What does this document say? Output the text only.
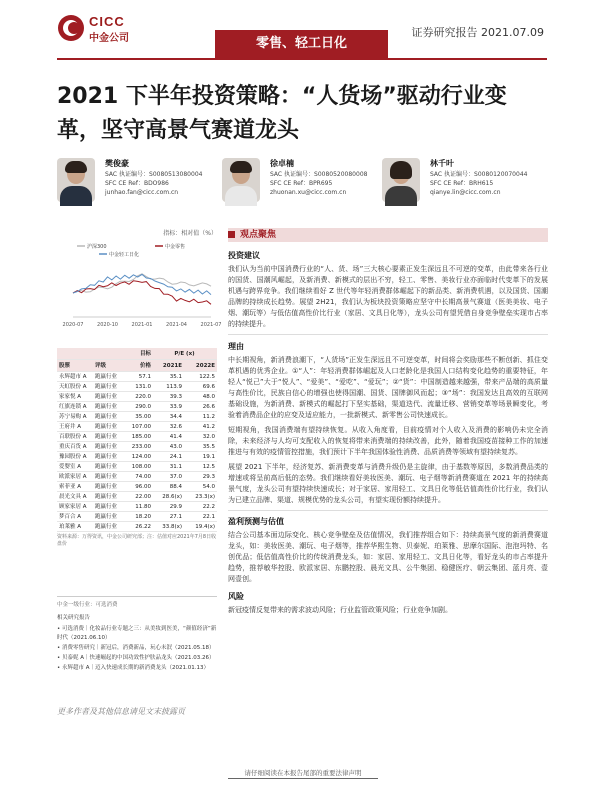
CICC
中金公司	零售、轻工日化
证券研究报告 2021.07.09
2021 下半年投资策略：“人货场”驱动行业变革，坚守高景气赛道龙头
樊俊豪
SAC 执证编号：S0080513080004
SFC CE Ref：BDO986
junhao.fan@cicc.com.cn
徐卓楠
SAC 执证编号：S0080520080008
SFC CE Ref：BPR695
zhuonan.xu@cicc.com.cn
林千叶
SAC 执证编号：S0080120070044
SFC CE Ref：BRH615
qianye.lin@cicc.com.cn
指标：相对值（%）
沪深300	中金零售
中金轻工日化
2020-07	2020-10	2021-01	2021-04	2021-07
目标	P/E (x)
股票	评级	价格	2021E	2022E
永辉超市 A	跑赢行业	57.1	35.1	122.5
天虹股份 A	跑赢行业	131.0	113.9	69.6
家家悦 A	跑赢行业	220.0	39.3	48.0
红旗连锁 A	跑赢行业	290.0	33.9	26.6
苏宁易购 A	跑赢行业	35.00	34.4	11.2
王府井 A	跑赢行业	107.00	32.6	41.2
百联股份 A	跑赢行业	185.00	41.4	32.0
重庆百货 A	跑赢行业	233.00	43.0	35.5
豫园股份 A	跑赢行业	124.00	24.1	19.1
爱婴室 A	跑赢行业	108.00	31.1	12.5
欧派家居 A	跑赢行业	74.00	37.0	29.3
索菲亚 A	跑赢行业	96.00	88.4	54.0
晨光文具 A	跑赢行业	22.00	28.6(x)	23.3(x)
顾家家居 A	跑赢行业	11.80	29.9	22.2
梦百合 A	跑赢行业	18.20	27.1	22.1
珀莱雅 A	跑赢行业	26.22	33.8(x)	19.4(x)
资料来源：万得资讯，中金公司研究部；注：估值对应2021年7月8日收盘价
中金一级行业：可选消费
相关研究报告
• 可选消费｜化妆品行业专题之三：从美妆到医美，“颜值经济”新时代（2021.06.10）
• 消费零售研究｜新冠后，消费新品，玩心未泯（2021.05.18）
• 贝泰妮 A｜快速崛起的中国功效性护肤品龙头（2021.03.26）
• 永辉超市 A｜迈入快速成长期的新消费龙头（2021.01.13）
更多作者及其他信息请见文末披露页
观点聚焦
投资建议
我们认为当前中国消费行业的“人、货、场”三大核心要素正发生深远且不可逆的变革，由此带来各行业的国货、国潮风崛起，及新消费、新模式的层出不穷，轻工、零售、美妆行业亦面临时代变革下的发展机遇与跨界竞争。我们继续看好 Z 世代等年轻消费群体崛起下的新品类、新消费机遇，以及国货、国潮品牌的持续成长趋势。展望 2H21，我们认为板块投资策略应坚守中长期高景气赛道（医美美妆、电子烟、潮玩等）与低估值高性价比行业（家居、文具日化等），龙头公司有望凭借自身竞争壁垒实现市占率的持续提升。
理由
中长期视角，新消费浪潮下，“人货场”正发生深远且不可逆变革，时间将会奖励那些不断创新、抓住变革机遇的优秀企业。①“人”：年轻消费群体崛起及人口老龄化是我国人口结构变化趋势的重要特征，年轻人“悦己”大于“悦人”、“爱美”、“爱吃”、“爱玩”；②“货”：中国制造越来越强，带来产品端的高质量与高性价比，民族自信心的增强也使得国潮、国货、国牌御风而起；③“场”：我国发达且高效的互联网基础设施，为新消费、新模式的崛起打下坚实基础，渠道迭代、流量迁移、营销变革等场景瞬变化，考验着消费品企业的应变及适应能力，一批新模式、新零售公司快速成长。
短期视角，我国消费端有望持续恢复。从收入角度看，目前疫情对个人收入及消费的影响仍未完全消除，未来经济与人均可支配收入的恢复将带来消费端的持续改善，此外，随着我国疫苗接种工作的加速推进与有效的疫情管控措施，我们预计下半年我国体验性消费、品质消费等领域有望持续复苏。
展望 2021 下半年，经济复苏、新消费变革与消费升级仍是主旋律，由于基数等原因，多数消费品类的增速或将呈前高后低的态势。我们继续看好美妆医美、潮玩、电子烟等新消费赛道在 2021 年的持续高景气度，龙头公司有望持续快速成长；对于家居、家用轻工、文具日化等低估值高性价比行业，我们认为已建立品牌、渠道、规模优势的龙头公司，有望实现份额持续提升。
盈利预测与估值
结合公司基本面边际变化、核心竞争壁垒及估值情况，我们推荐组合如下：持续高景气度的新消费赛道龙头，如：美妆医美、潮玩、电子烟等，推荐华熙生物、贝泰妮、珀莱雅、思摩尔国际、泡泡玛特、名创优品；低估值高性价比的传统消费龙头，如：家居、家用轻工、文具日化等，看好龙头的市占率提升趋势，推荐敏华控股、欧派家居、东鹏控股、晨光文具、公牛集团、稳健医疗、朝云集团、蓝月亮、壹网壹创。
风险
新冠疫情反复带来的需求波动风险；行业监管政策风险；行业竞争加剧。
请仔细阅读在本报告尾部的重要法律声明
